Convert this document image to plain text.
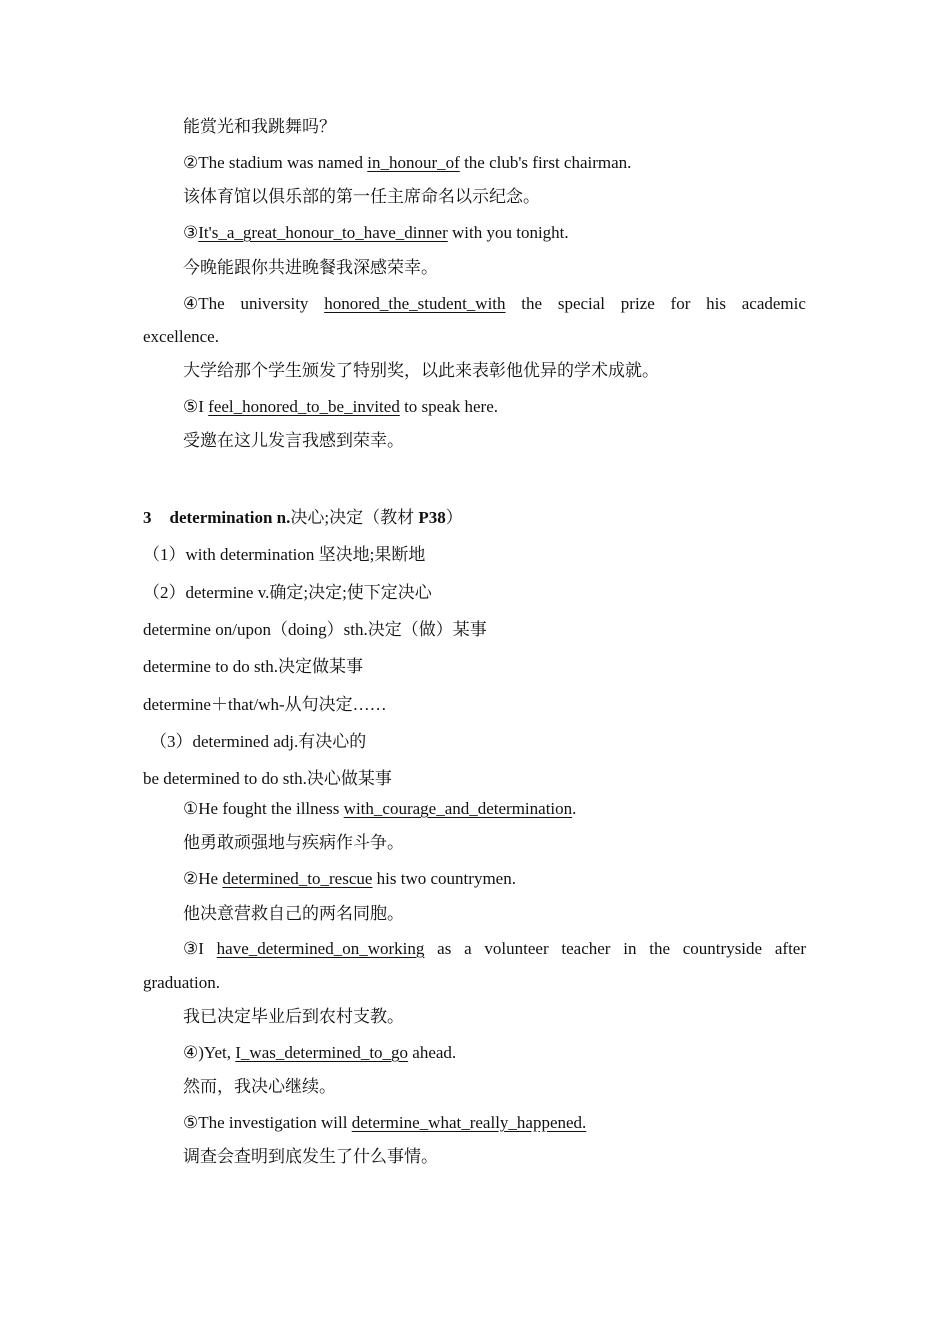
能赏光和我跳舞吗？
②The stadium was named in_honour_of the club's first chairman.
该体育馆以俱乐部的第一任主席命名以示纪念。
③It's_a_great_honour_to_have_dinner with you tonight.
今晚能跟你共进晚餐我深感荣幸。
④The university honored_the_student_with the special prize for his academic
excellence.
大学给那个学生颁发了特别奖，以此来表彰他优异的学术成就。
⑤I feel_honored_to_be_invited to speak here.
受邀在这儿发言我感到荣幸。
3 determination n.决心;决定（教材 P38）
（1）with determination 坚决地;果断地
（2）determine v.确定;决定;使下定决心
determine on/upon（doing）sth.决定（做）某事
determine to do sth.决定做某事
determine＋that/wh-从句决定……
（3）determined adj.有决心的
be determined to do sth.决心做某事
①He fought the illness with_courage_and_determination.
他勇敢顽强地与疾病作斗争。
②He determined_to_rescue his two countrymen.
他决意营救自己的两名同胞。
③I have_determined_on_working as a volunteer teacher in the countryside after
graduation.
我已决定毕业后到农村支教。
④)Yet, I_was_determined_to_go ahead.
然而，我决心继续。
⑤The investigation will determine_what_really_happened.
调查会查明到底发生了什么事情。
